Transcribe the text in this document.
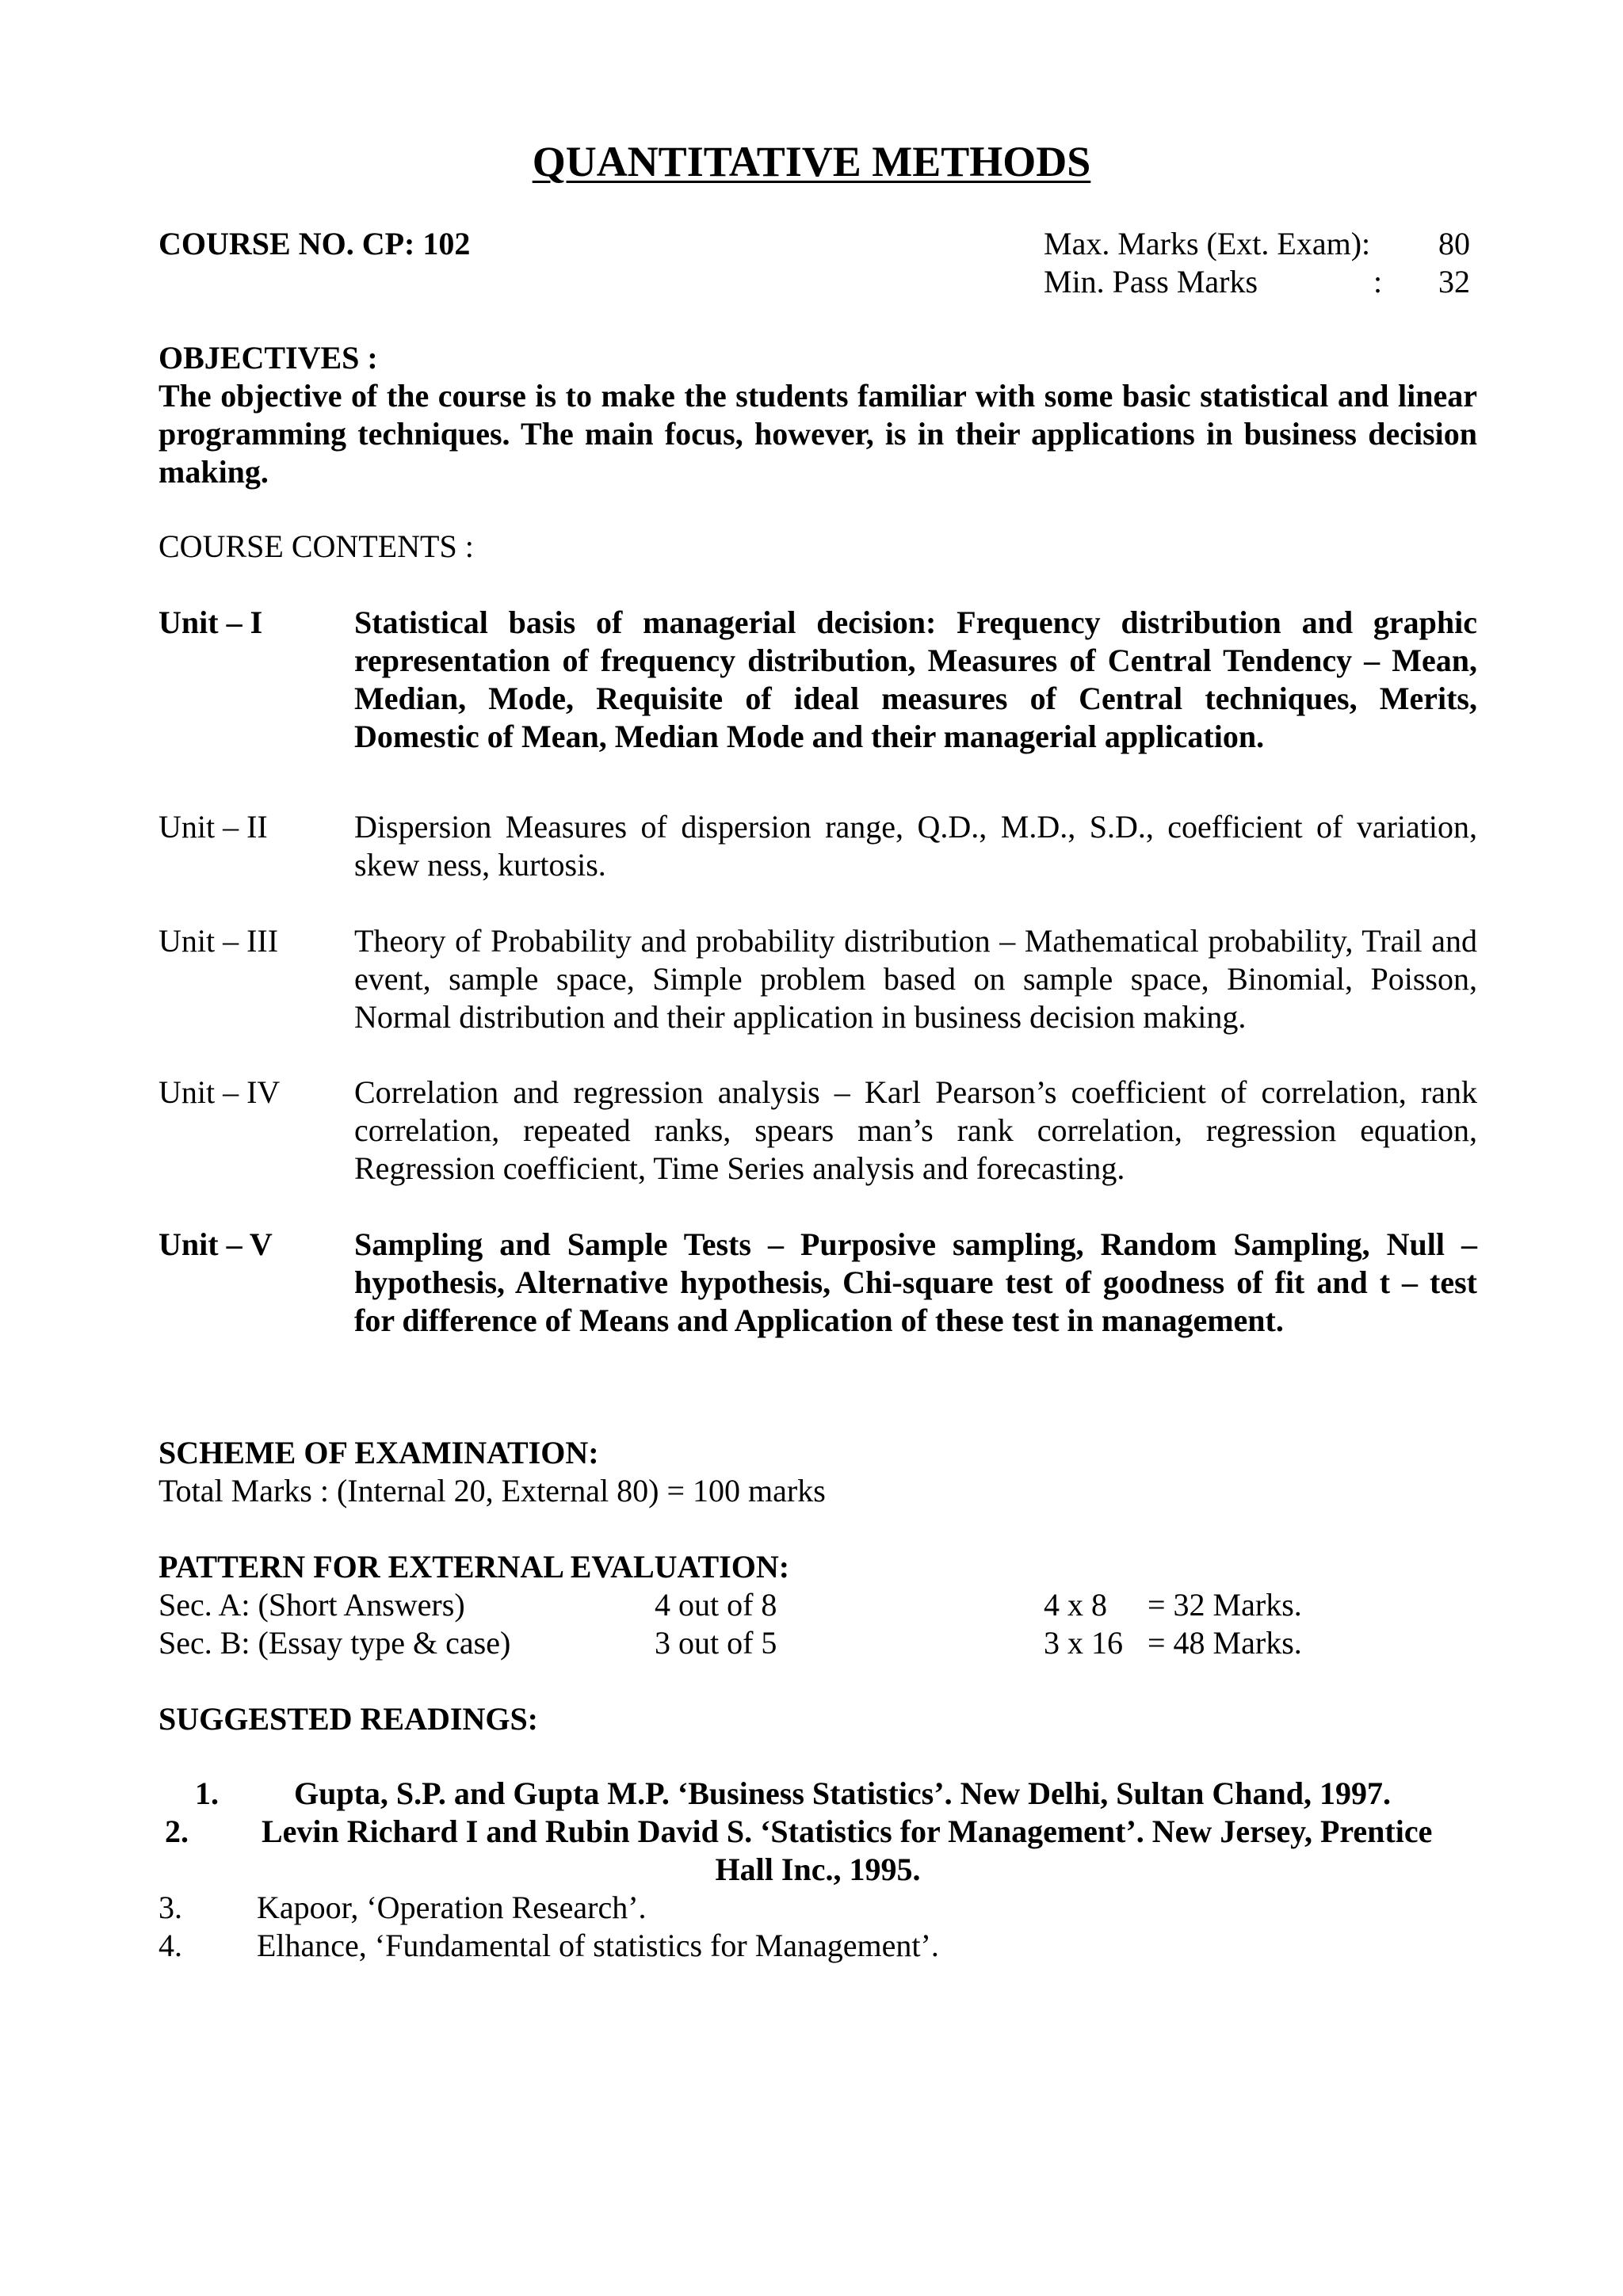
QUANTITATIVE METHODS
COURSE NO. CP: 102	Max. Marks (Ext. Exam): 80
Min. Pass Marks	: 32
OBJECTIVES :
The objective of the course is to make the students familiar with some basic statistical and linear programming techniques. The main focus, however, is in their applications in business decision making.
COURSE CONTENTS :
Unit – I	Statistical basis of managerial decision: Frequency distribution and graphic representation of frequency distribution, Measures of Central Tendency – Mean, Median, Mode, Requisite of ideal measures of Central techniques, Merits, Domestic of Mean, Median Mode and their managerial application.
Unit – II	Dispersion Measures of dispersion range, Q.D., M.D., S.D., coefficient of variation, skew ness, kurtosis.
Unit – III Theory of Probability and probability distribution – Mathematical probability, Trail and event, sample space, Simple problem based on sample space, Binomial, Poisson, Normal distribution and their application in business decision making.
Unit – IV Correlation and regression analysis – Karl Pearson’s coefficient of correlation, rank correlation, repeated ranks, spears man’s rank correlation, regression equation, Regression coefficient, Time Series analysis and forecasting.
Unit – V	Sampling and Sample Tests – Purposive sampling, Random Sampling, Null – hypothesis, Alternative hypothesis, Chi-square test of goodness of fit and t – test for difference of Means and Application of these test in management.
SCHEME OF EXAMINATION:
Total Marks : (Internal 20, External 80) = 100 marks
PATTERN FOR EXTERNAL EVALUATION:
Sec. A: (Short Answers)	4 out of 8	4 x 8 = 32 Marks.
Sec. B: (Essay type & case)	3 out of 5	3 x 16 = 48 Marks.
SUGGESTED READINGS:
1. Gupta, S.P. and Gupta M.P. ‘Business Statistics’. New Delhi, Sultan Chand, 1997.
2. Levin Richard I and Rubin David S. ‘Statistics for Management’. New Jersey, Prentice
Hall Inc., 1995.
3. Kapoor, ‘Operation Research’.
4. Elhance, ‘Fundamental of statistics for Management’.
